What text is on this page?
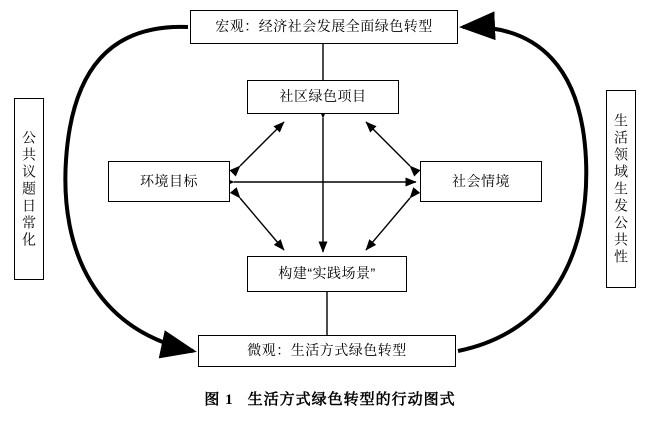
宏观：经济社会发展全面绿色转型
社区绿色项目
环境目标	社会情境
构建“实践场景”
微观：生活方式绿色转型
公共议题日常化	生活领域生发公共性
图 1 生活方式绿色转型的行动图式
